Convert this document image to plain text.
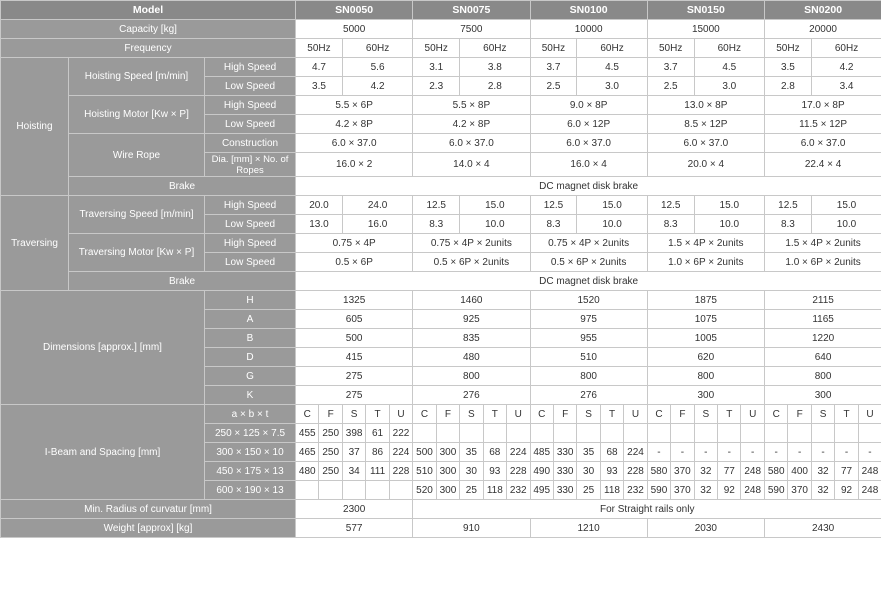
Model			SN0050					SN0075					SN0100					SN0150					SN0200				
Capacity [kg]			5000					7500					10000					15000					20000				
Frequency			50Hz		60Hz			50Hz		60Hz			50Hz		60Hz			50Hz		60Hz			50Hz		60Hz		
Hoisting	Hoisting Speed [m/min]	High Speed	4.7		5.6			3.1		3.8			3.7		4.5			3.7		4.5			3.5		4.2		
		Low Speed	3.5		4.2			2.3		2.8			2.5		3.0			2.5		3.0			2.8		3.4		
	Hoisting Motor [Kw × P]	High Speed	5.5 × 6P					5.5 × 8P					9.0 × 8P					13.0 × 8P					17.0 × 8P				
		Low Speed	4.2 × 8P					4.2 × 8P					6.0 × 12P					8.5 × 12P					11.5 × 12P				
	Wire Rope	Construction	6.0 × 37.0					6.0 × 37.0					6.0 × 37.0					6.0 × 37.0					6.0 × 37.0				
		Dia. [mm] × No. of Ropes	16.0 × 2					14.0 × 4					16.0 × 4					20.0 × 4					22.4 × 4				
	Brake		DC magnet disk brake																								
Traversing	Traversing Speed [m/min]	High Speed	20.0		24.0			12.5		15.0			12.5		15.0			12.5		15.0			12.5		15.0		
		Low Speed	13.0		16.0			8.3		10.0			8.3		10.0			8.3		10.0			8.3		10.0		
	Traversing Motor [Kw × P]	High Speed	0.75 × 4P					0.75 × 4P × 2units					0.75 × 4P × 2units					1.5 × 4P × 2units					1.5 × 4P × 2units				
		Low Speed	0.5 × 6P					0.5 × 6P × 2units					0.5 × 6P × 2units					1.0 × 6P × 2units					1.0 × 6P × 2units				
	Brake		DC magnet disk brake																								
Dimensions [approx.] [mm]		H	1325					1460					1520					1875					2115				
		A	605					925					975					1075					1165				
		B	500					835					955					1005					1220				
		D	415					480					510					620					640				
		G	275					800					800					800					800				
		K	275					276					276					300					300				
I-Beam and Spacing [mm]		a × b × t	C	F	S	T	U	C	F	S	T	U	C	F	S	T	U	C	F	S	T	U	C	F	S	T	U
		250 × 125 × 7.5	455	250	398	61	222																				
		300 × 150 × 10	465	250	37	86	224	500	300	35	68	224	485	330	35	68	224	-	-	-	-	-	-	-	-	-	-
		450 × 175 × 13	480	250	34	111	228	510	300	30	93	228	490	330	30	93	228	580	370	32	77	248	580	400	32	77	248
		600 × 190 × 13						520	300	25	118	232	495	330	25	118	232	590	370	32	92	248	590	370	32	92	248
Min. Radius of curvatur [mm]			2300					For Straight rails only																			
Weight [approx] [kg]			577					910					1210					2030					2430				
